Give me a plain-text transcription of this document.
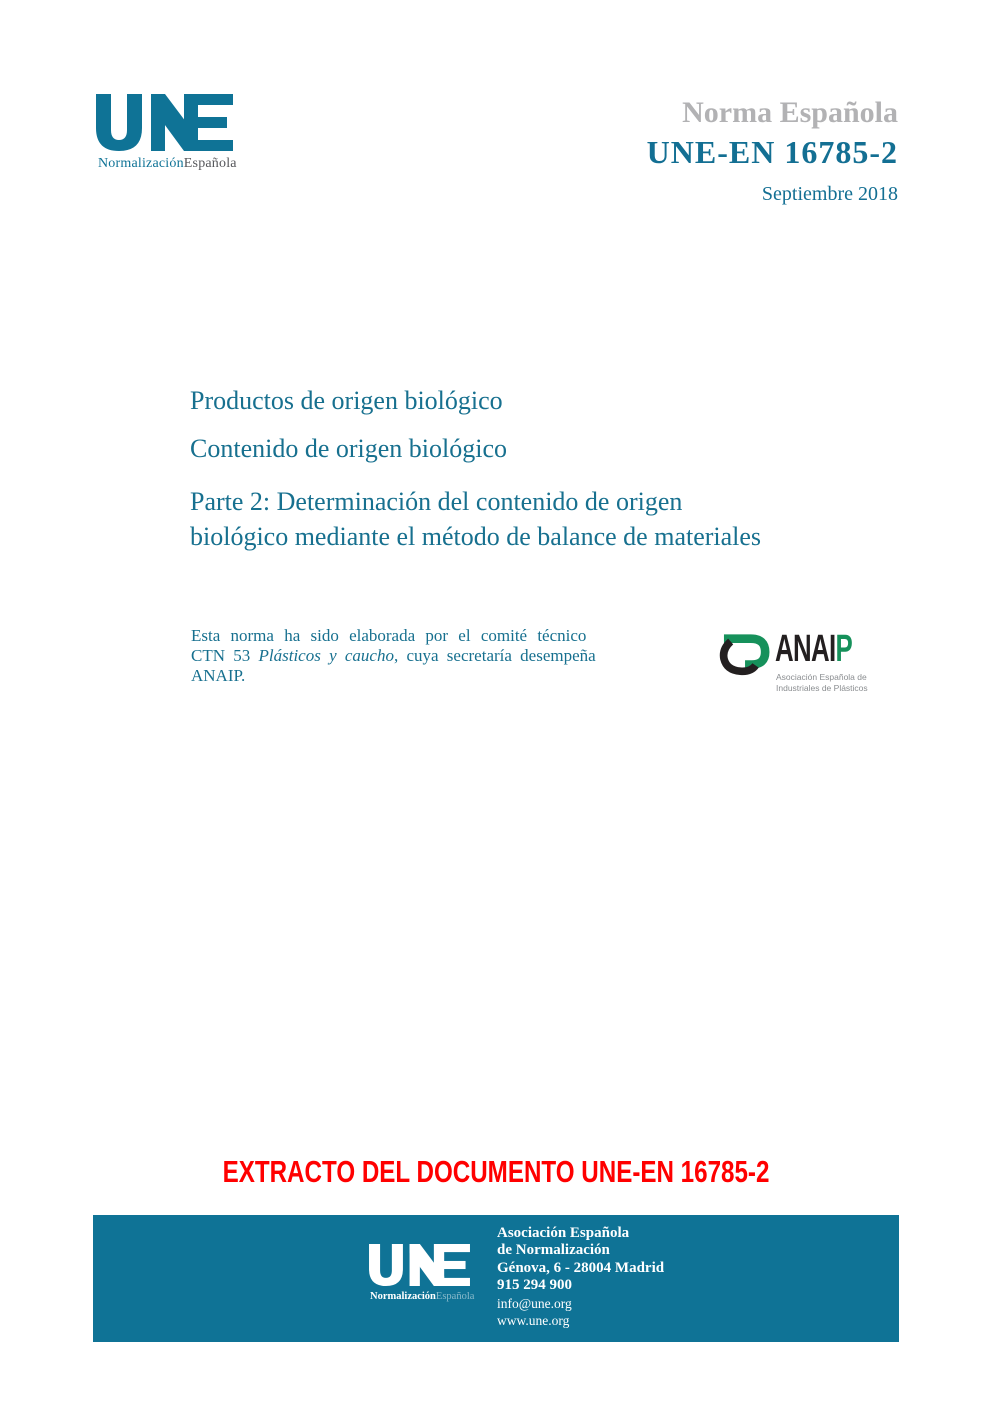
NormalizaciónEspañola
Norma Española
UNE-EN 16785-2
Septiembre 2018
Productos de origen biológico
Contenido de origen biológico
Parte 2: Determinación del contenido de origen
biológico mediante el método de balance de materiales
Esta norma ha sido elaborada por el comité técnico
CTN 53 Plásticos y caucho, cuya secretaría desempeña
ANAIP.
ANAIP
Asociación Española de
Industriales de Plásticos
EXTRACTO DEL DOCUMENTO UNE-EN 16785-2
NormalizaciónEspañola
Asociación Española
de Normalización
Génova, 6 - 28004 Madrid
915 294 900
info@une.org
www.une.org
